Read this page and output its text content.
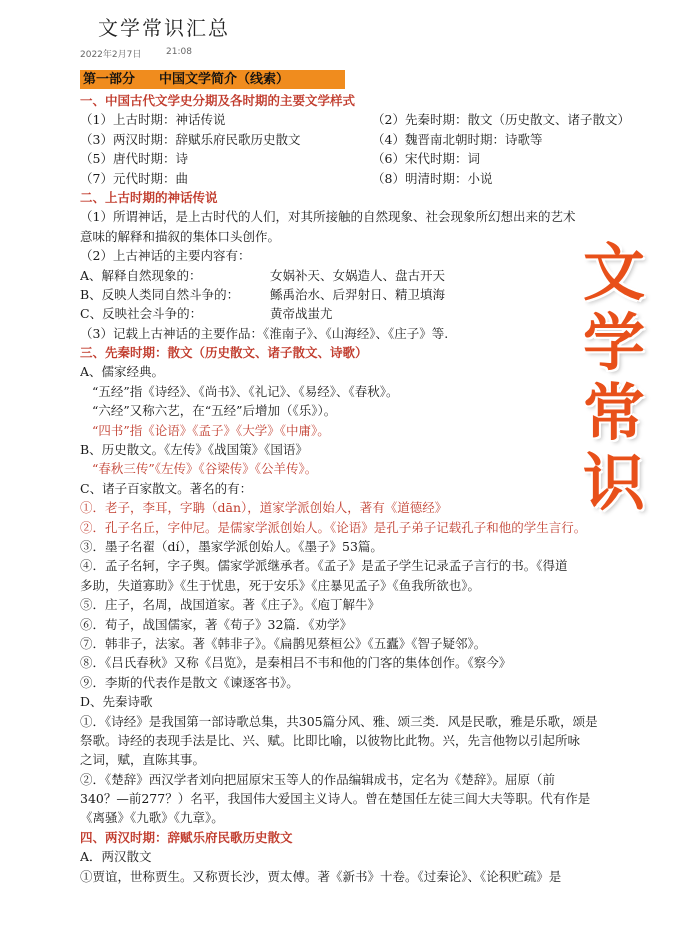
文学常识汇总
2022年2月7日	21:08
第一部分 中国文学简介（线索）
一、中国古代文学史分期及各时期的主要文学样式
（1）上古时期：神话传说	（2）先秦时期：散文（历史散文、诸子散文）
（3）两汉时期：辞赋乐府民歌历史散文	（4）魏晋南北朝时期：诗歌等
（5）唐代时期：诗	（6）宋代时期：词
（7）元代时期：曲	（8）明清时期：小说
二、上古时期的神话传说
（1）所谓神话，是上古时代的人们，对其所接触的自然现象、社会现象所幻想出来的艺术
意味的解释和描叙的集体口头创作。
（2）上古神话的主要内容有：
A、解释自然现象的：	女娲补天、女娲造人、盘古开天
B、反映人类同自然斗争的： 鲧禹治水、后羿射日、精卫填海
C、反映社会斗争的：	黄帝战蚩尤
（3）记载上古神话的主要作品：《淮南子》、《山海经》、《庄子》等.
三、先秦时期：散文（历史散文、诸子散文、诗歌）
A、儒家经典。
“五经”指《诗经》、《尚书》、《礼记》、《易经》、《春秋》。
“六经”又称六艺，在“五经”后增加（《乐》）。
“四书”指《论语》《孟子》《大学》《中庸》。
B、历史散文。《左传》《战国策》《国语》
“春秋三传”《左传》《谷梁传》《公羊传》。
C、诸子百家散文。著名的有：
①．老子，李耳，字聃（dān），道家学派创始人，著有《道德经》
②．孔子名丘，字仲尼。是儒家学派创始人。《论语》是孔子弟子记载孔子和他的学生言行。
③．墨子名翟（dí），墨家学派创始人。《墨子》53篇。
④．孟子名轲，字子舆。儒家学派继承者。《孟子》是孟子学生记录孟子言行的书。《得道
多助，失道寡助》《生于忧患，死于安乐》《庄暴见孟子》《鱼我所欲也》。
⑤．庄子，名周，战国道家。著《庄子》。《庖丁解牛》
⑥．荀子，战国儒家，著《荀子》32篇．《劝学》
⑦．韩非子，法家。著《韩非子》。《扁鹊见蔡桓公》《五蠹》《智子疑邻》。
⑧．《吕氏春秋》又称《吕览》，是秦相吕不韦和他的门客的集体创作。《察今》
⑨．李斯的代表作是散文《谏逐客书》。
D、先秦诗歌
①．《诗经》是我国第一部诗歌总集，共305篇分风、雅、颂三类．风是民歌，雅是乐歌，颂是
祭歌。诗经的表现手法是比、兴、赋。比即比喻，以彼物比此物。兴，先言他物以引起所咏
之词，赋，直陈其事。
②．《楚辞》西汉学者刘向把屈原宋玉等人的作品编辑成书，定名为《楚辞》。屈原（前
340？—前277？）名平，我国伟大爱国主义诗人。曾在楚国任左徒三闾大夫等职。代有作是
《离骚》《九歌》《九章》。
四、两汉时期：辞赋乐府民歌历史散文
A．两汉散文
①贾谊，世称贾生。又称贾长沙，贾太傅。著《新书》十卷。《过秦论》、《论积贮疏》是
文
学
常
识
